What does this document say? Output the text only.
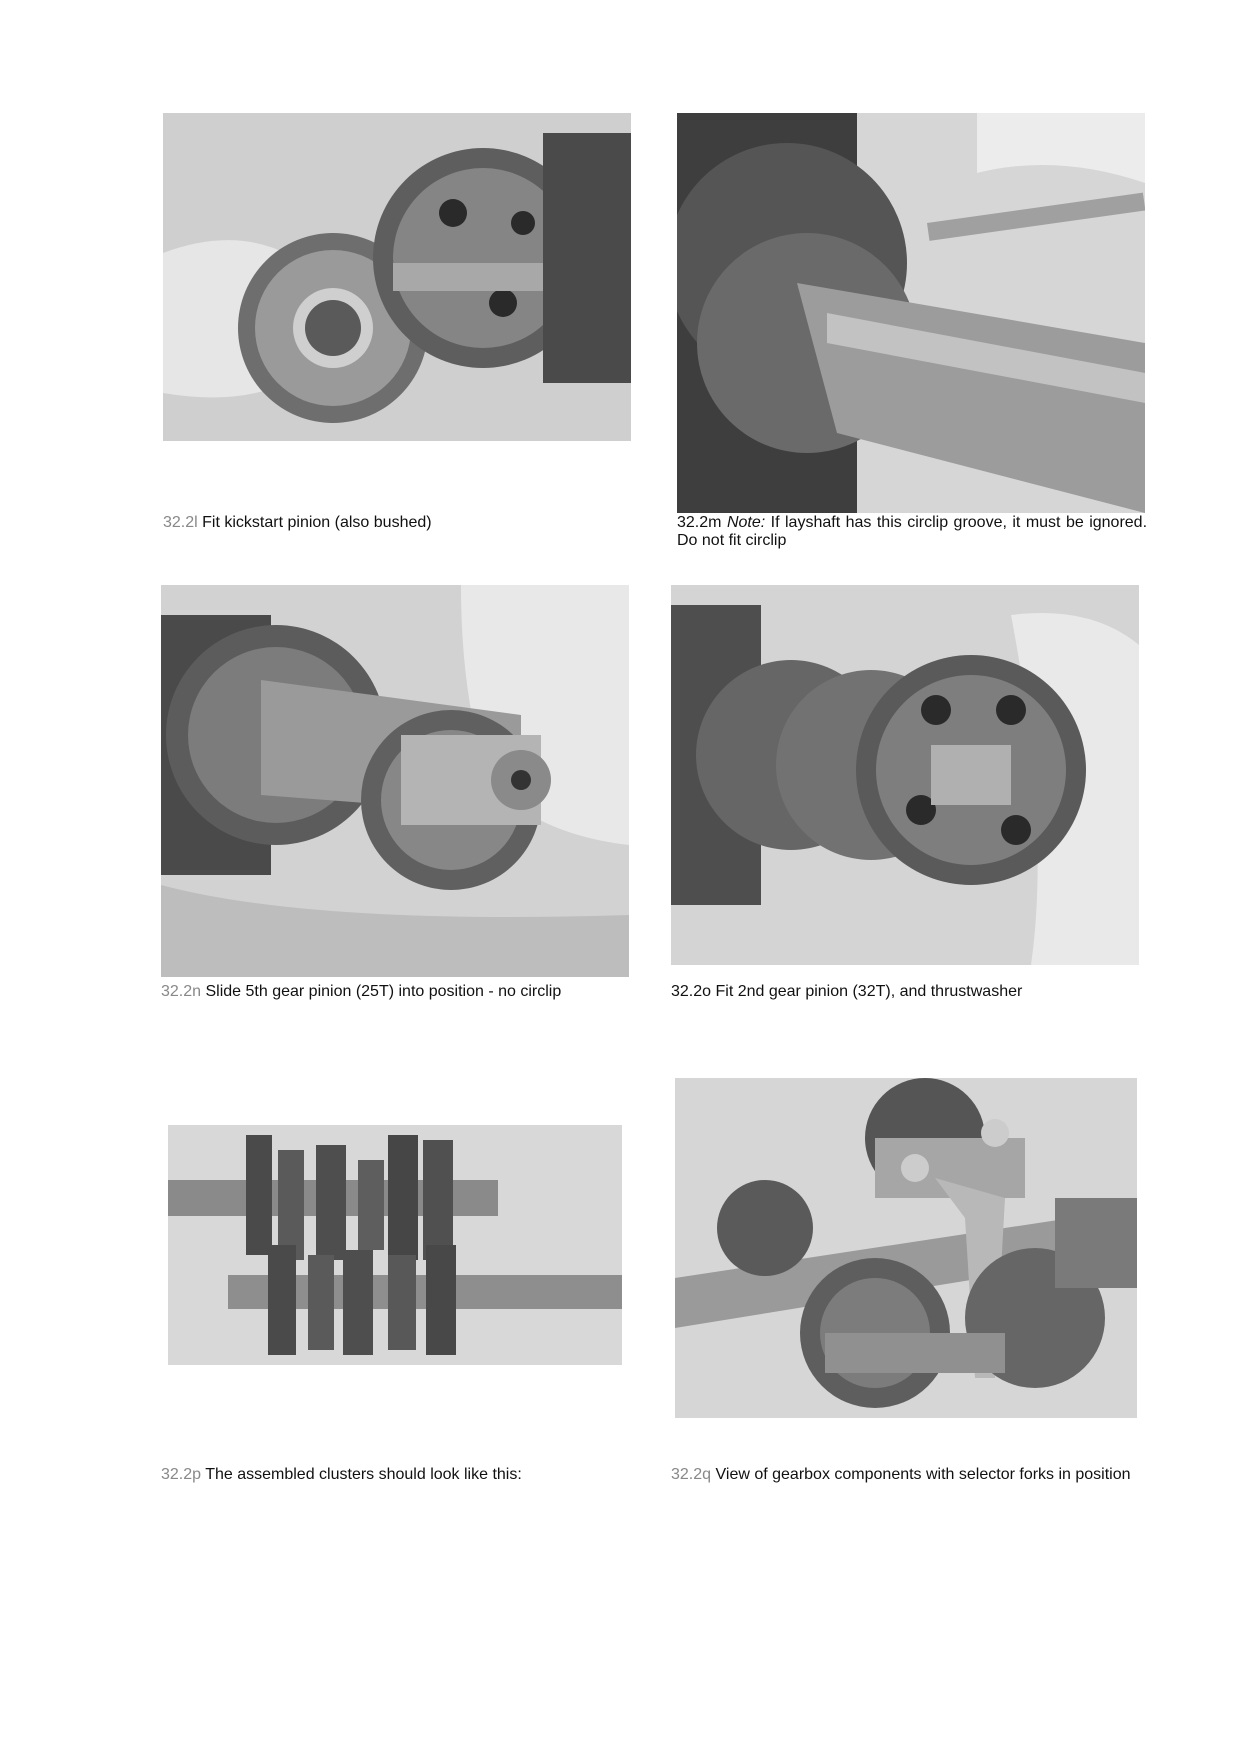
32.2l Fit kickstart pinion (also bushed)	32.2m Note: If layshaft has this circlip groove, it must be ignored. Do not fit circlip
32.2n Slide 5th gear pinion (25T) into position - no circlip	32.2o Fit 2nd gear pinion (32T), and thrustwasher
32.2p The assembled clusters should look like this:	32.2q View of gearbox components with selector forks in position
